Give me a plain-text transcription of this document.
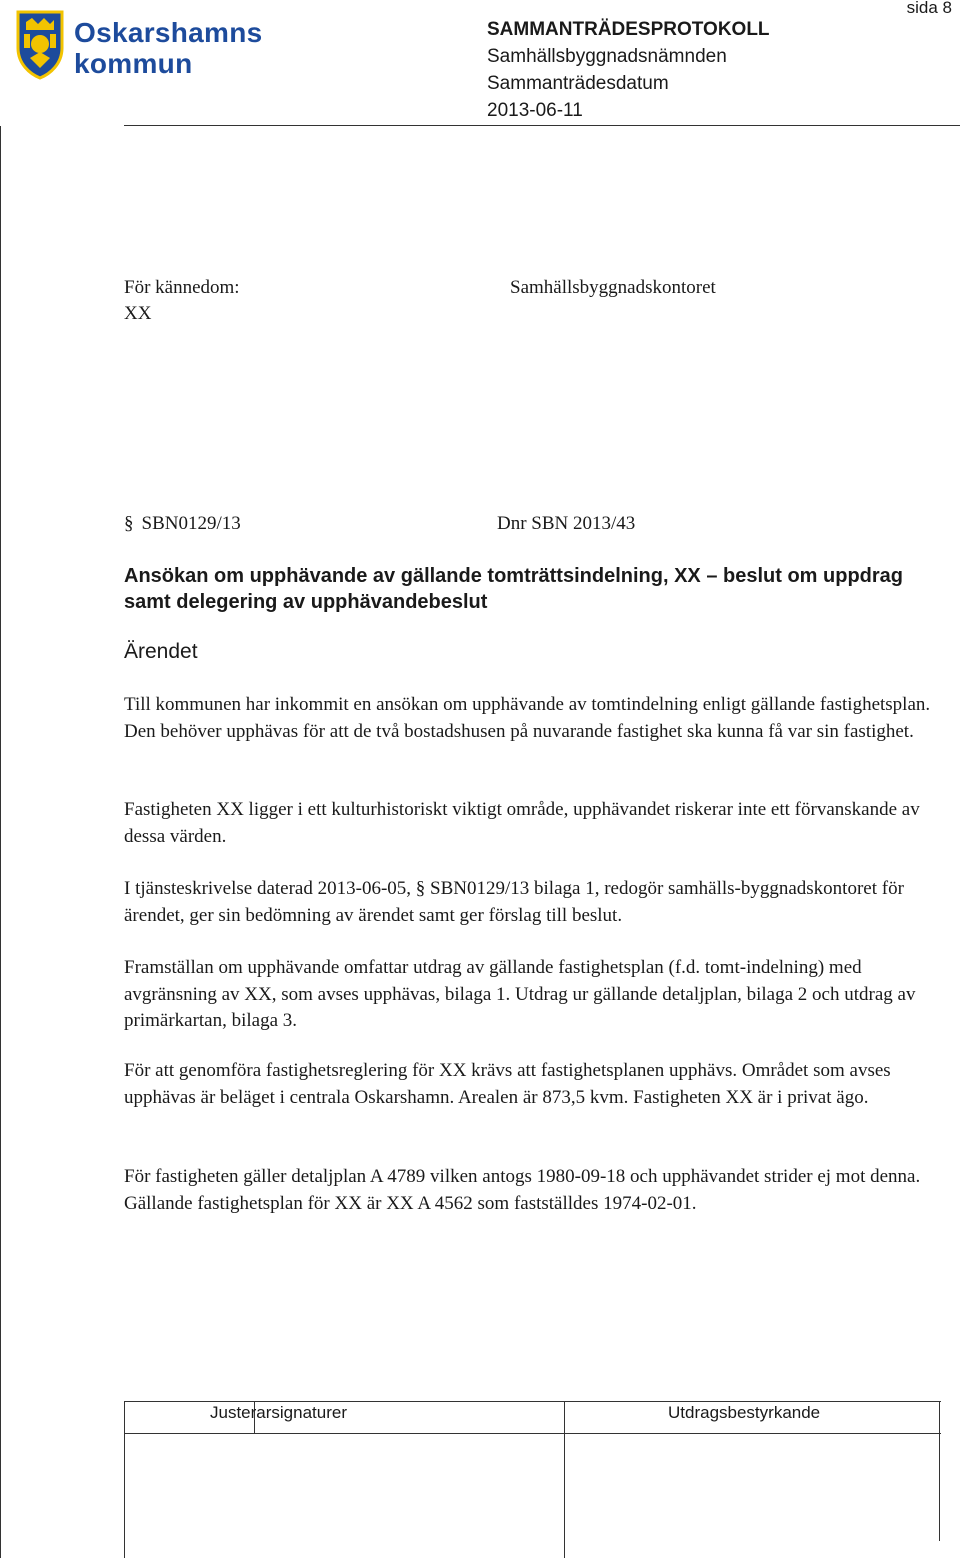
sida 8
Oskarshamns
kommun
SAMMANTRÄDESPROTOKOLL
Samhällsbyggnadsnämnden
Sammanträdesdatum
2013-06-11
För kännedom:	Samhällsbyggnadskontoret
XX
§ SBN0129/13	Dnr SBN 2013/43
Ansökan om upphävande av gällande tomträttsindelning, XX – beslut om uppdrag samt delegering av upphävandebeslut
Ärendet
Till kommunen har inkommit en ansökan om upphävande av tomtindelning enligt gällande fastighetsplan. Den behöver upphävas för att de två bostadshusen på nuvarande fastighet ska kunna få var sin fastighet.
Fastigheten XX ligger i ett kulturhistoriskt viktigt område, upphävandet riskerar inte ett förvanskande av dessa värden.
I tjänsteskrivelse daterad 2013-06-05, § SBN0129/13 bilaga 1, redogör samhälls-byggnadskontoret för ärendet, ger sin bedömning av ärendet samt ger förslag till beslut.
Framställan om upphävande omfattar utdrag av gällande fastighetsplan (f.d. tomt-indelning) med avgränsning av XX, som avses upphävas, bilaga 1. Utdrag ur gällande detaljplan, bilaga 2 och utdrag av primärkartan, bilaga 3.
För att genomföra fastighetsreglering för XX krävs att fastighetsplanen upphävs. Området som avses upphävas är beläget i centrala Oskarshamn. Arealen är 873,5 kvm. Fastigheten XX är i privat ägo.
För fastigheten gäller detaljplan A 4789 vilken antogs 1980-09-18 och upphävandet strider ej mot denna. Gällande fastighetsplan för XX är XX A 4562 som fastställdes 1974-02-01.
Justerarsignaturer	Utdragsbestyrkande
